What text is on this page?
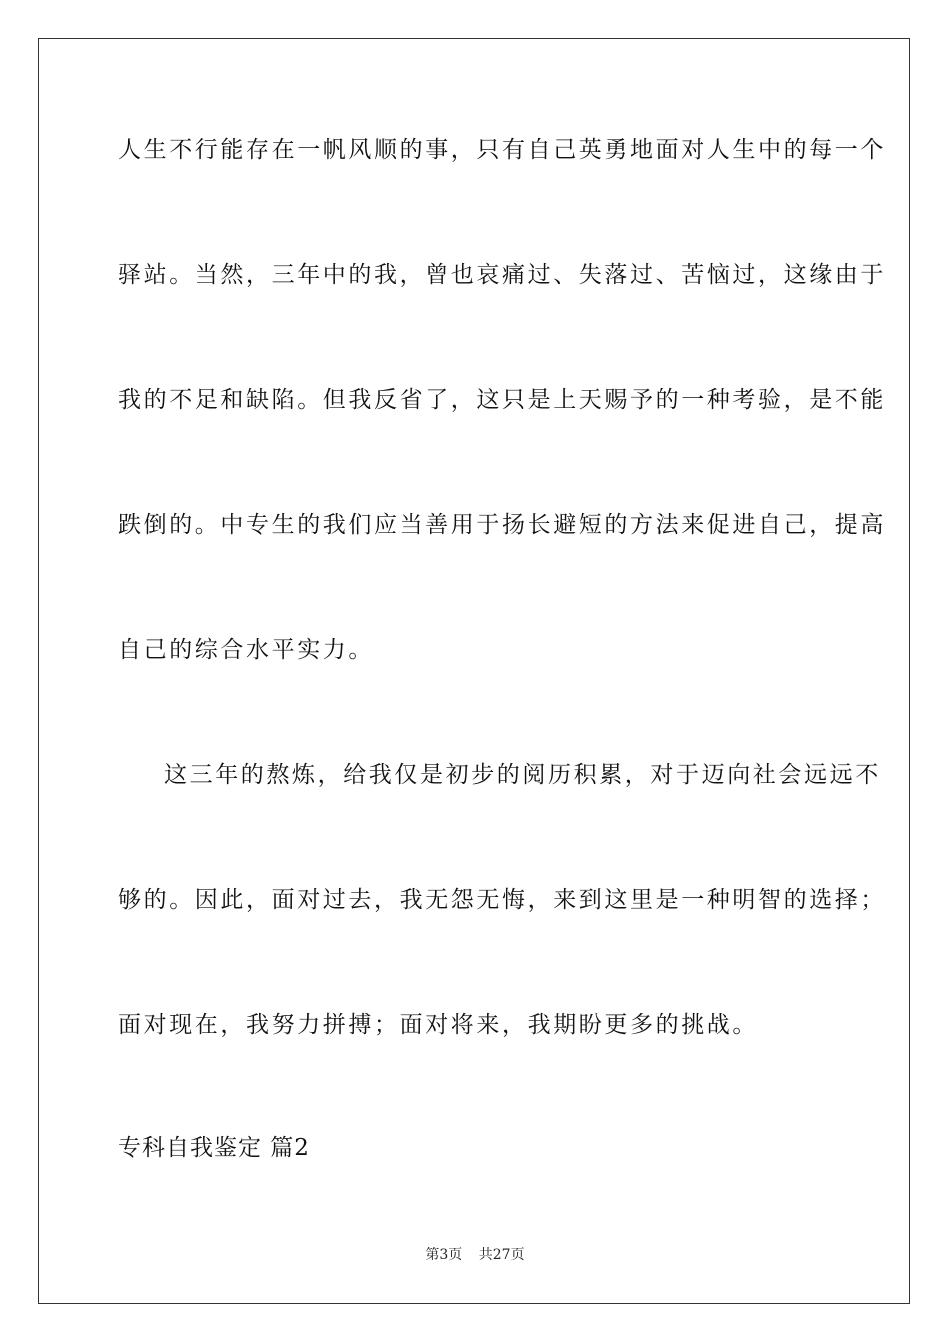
人生不行能存在一帆风顺的事，只有自己英勇地面对人生中的每一个
驿站。当然，三年中的我，曾也哀痛过、失落过、苦恼过，这缘由于
我的不足和缺陷。但我反省了，这只是上天赐予的一种考验，是不能
跌倒的。中专生的我们应当善用于扬长避短的方法来促进自己，提高
自己的综合水平实力。
这三年的熬炼，给我仅是初步的阅历积累，对于迈向社会远远不
够的。因此，面对过去，我无怨无悔，来到这里是一种明智的选择；
面对现在，我努力拼搏；面对将来，我期盼更多的挑战。
专科自我鉴定 篇2
第3页 共27页
